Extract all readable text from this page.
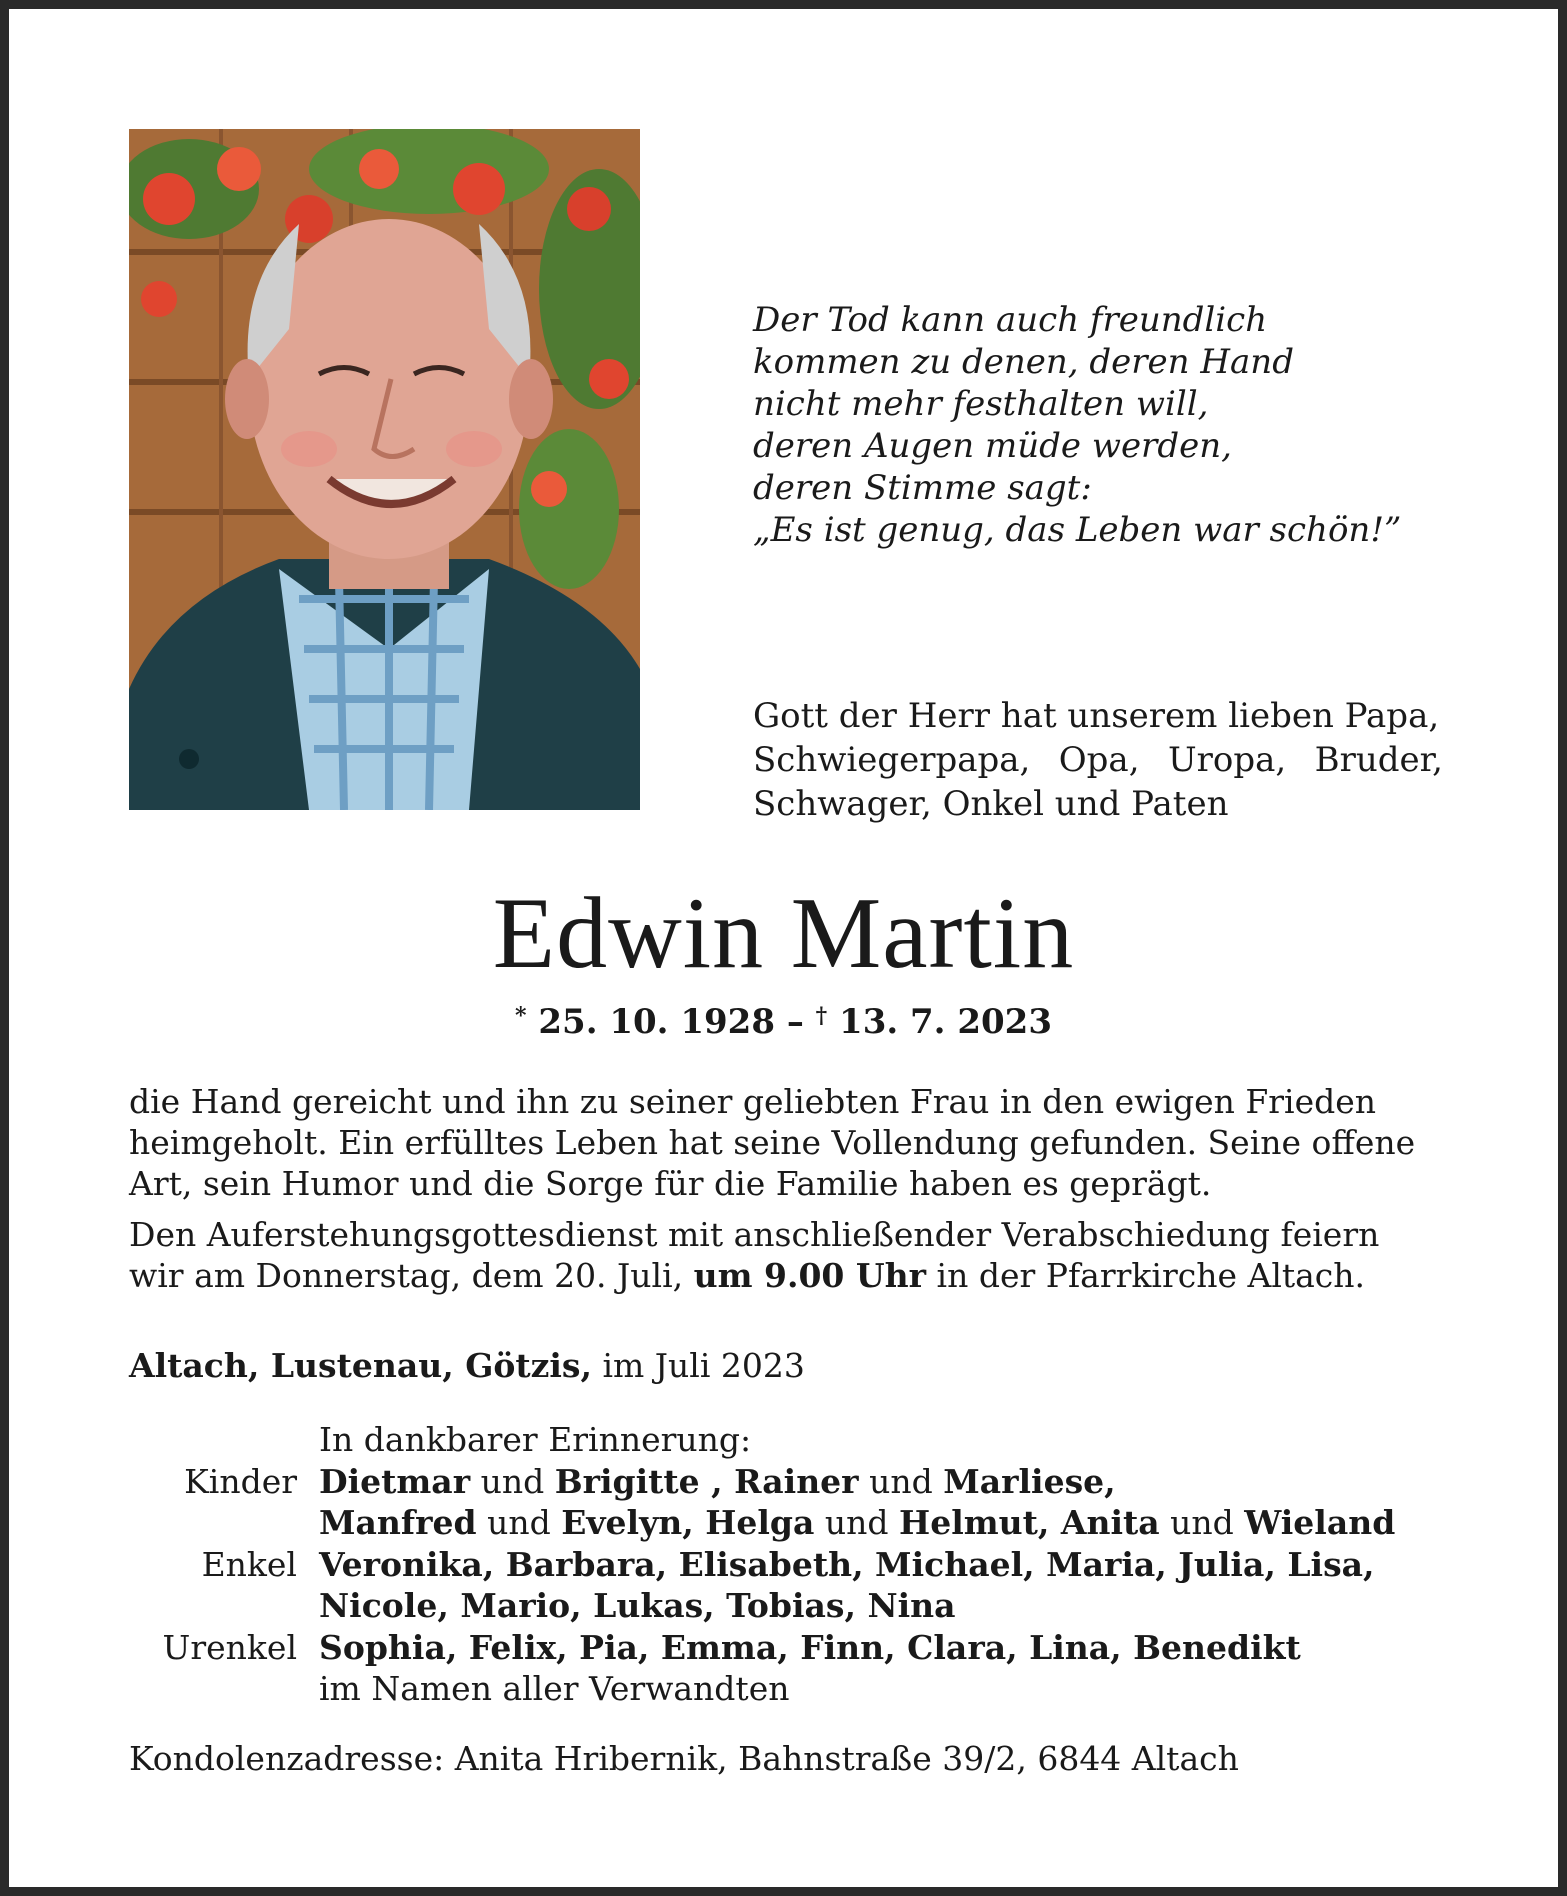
Der Tod kann auch freundlich
kommen zu denen, deren Hand
nicht mehr festhalten will,
deren Augen müde werden,
deren Stimme sagt:
„Es ist genug, das Leben war schön!”
Gott der Herr hat unserem lieben Papa,
Schwiegerpapa, Opa, Uropa, Bruder,
Schwager, Onkel und Paten
Edwin Martin
* 25. 10. 1928 – † 13. 7. 2023
die Hand gereicht und ihn zu seiner geliebten Frau in den ewigen Frieden
heimgeholt. Ein erfülltes Leben hat seine Vollendung gefunden. Seine offene
Art, sein Humor und die Sorge für die Familie haben es geprägt.
Den Auferstehungsgottesdienst mit anschließender Verabschiedung feiern
wir am Donnerstag, dem 20. Juli, um 9.00 Uhr in der Pfarrkirche Altach.
Altach, Lustenau, Götzis, im Juli 2023
In dankbarer Erinnerung:
Kinder Dietmar und Brigitte , Rainer und Marliese,
Manfred und Evelyn, Helga und Helmut, Anita und Wieland
Enkel Veronika, Barbara, Elisabeth, Michael, Maria, Julia, Lisa,
Nicole, Mario, Lukas, Tobias, Nina
Urenkel Sophia, Felix, Pia, Emma, Finn, Clara, Lina, Benedikt
im Namen aller Verwandten
Kondolenzadresse: Anita Hribernik, Bahnstraße 39/2, 6844 Altach
